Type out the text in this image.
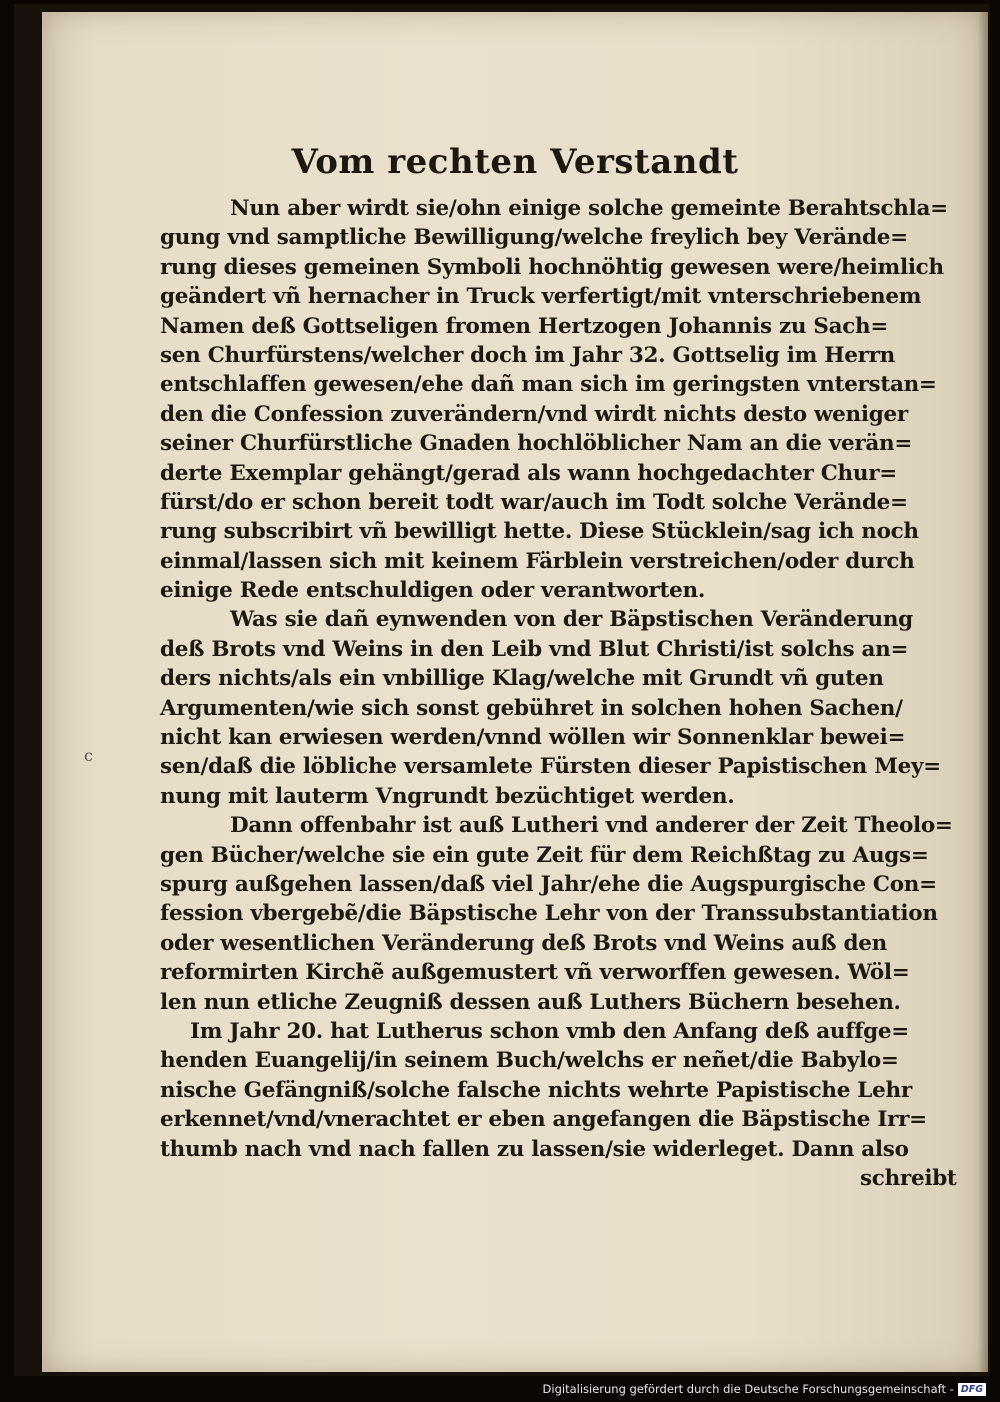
Vom rechten Verstandt
Nun aber wirdt sie/ohn einige solche gemeinte Berahtschla=
gung vnd samptliche Bewilligung/welche freylich bey Verände=
rung dieses gemeinen Symboli hochnöhtig gewesen were/heimlich
geändert vñ hernacher in Truck verfertigt/mit vnterschriebenem
Namen deß Gottseligen fromen Hertzogen Johannis zu Sach=
sen Churfürstens/welcher doch im Jahr 32. Gottselig im Herrn
entschlaffen gewesen/ehe dañ man sich im geringsten vnterstan=
den die Confession zuverändern/vnd wirdt nichts desto weniger
seiner Churfürstliche Gnaden hochlöblicher Nam an die verän=
derte Exemplar gehängt/gerad als wann hochgedachter Chur=
fürst/do er schon bereit todt war/auch im Todt solche Verände=
rung subscribirt vñ bewilligt hette. Diese Stücklein/sag ich noch
einmal/lassen sich mit keinem Färblein verstreichen/oder durch
einige Rede entschuldigen oder verantworten.
Was sie dañ eynwenden von der Bäpstischen Veränderung
deß Brots vnd Weins in den Leib vnd Blut Christi/ist solchs an=
ders nichts/als ein vnbillige Klag/welche mit Grundt vñ guten
Argumenten/wie sich sonst gebühret in solchen hohen Sachen/
nicht kan erwiesen werden/vnnd wöllen wir Sonnenklar bewei=
sen/daß die löbliche versamlete Fürsten dieser Papistischen Mey=
nung mit lauterm Vngrundt bezüchtiget werden.
Dann offenbahr ist auß Lutheri vnd anderer der Zeit Theolo=
gen Bücher/welche sie ein gute Zeit für dem Reichßtag zu Augs=
spurg außgehen lassen/daß viel Jahr/ehe die Augspurgische Con=
fession vbergebẽ/die Bäpstische Lehr von der Transsubstantiation
oder wesentlichen Veränderung deß Brots vnd Weins auß den
reformirten Kirchẽ außgemustert vñ verworffen gewesen. Wöl=
len nun etliche Zeugniß dessen auß Luthers Büchern besehen.
Im Jahr 20. hat Lutherus schon vmb den Anfang deß auffge=
henden Euangelij/in seinem Buch/welchs er neñet/die Babylo=
nische Gefängniß/solche falsche nichts wehrte Papistische Lehr
erkennet/vnd/vnerachtet er eben angefangen die Bäpstische Irr=
thumb nach vnd nach fallen zu lassen/sie widerleget. Dann also
schreibt
c
Digitalisierung gefördert durch die Deutsche Forschungsgemeinschaft - DFG
